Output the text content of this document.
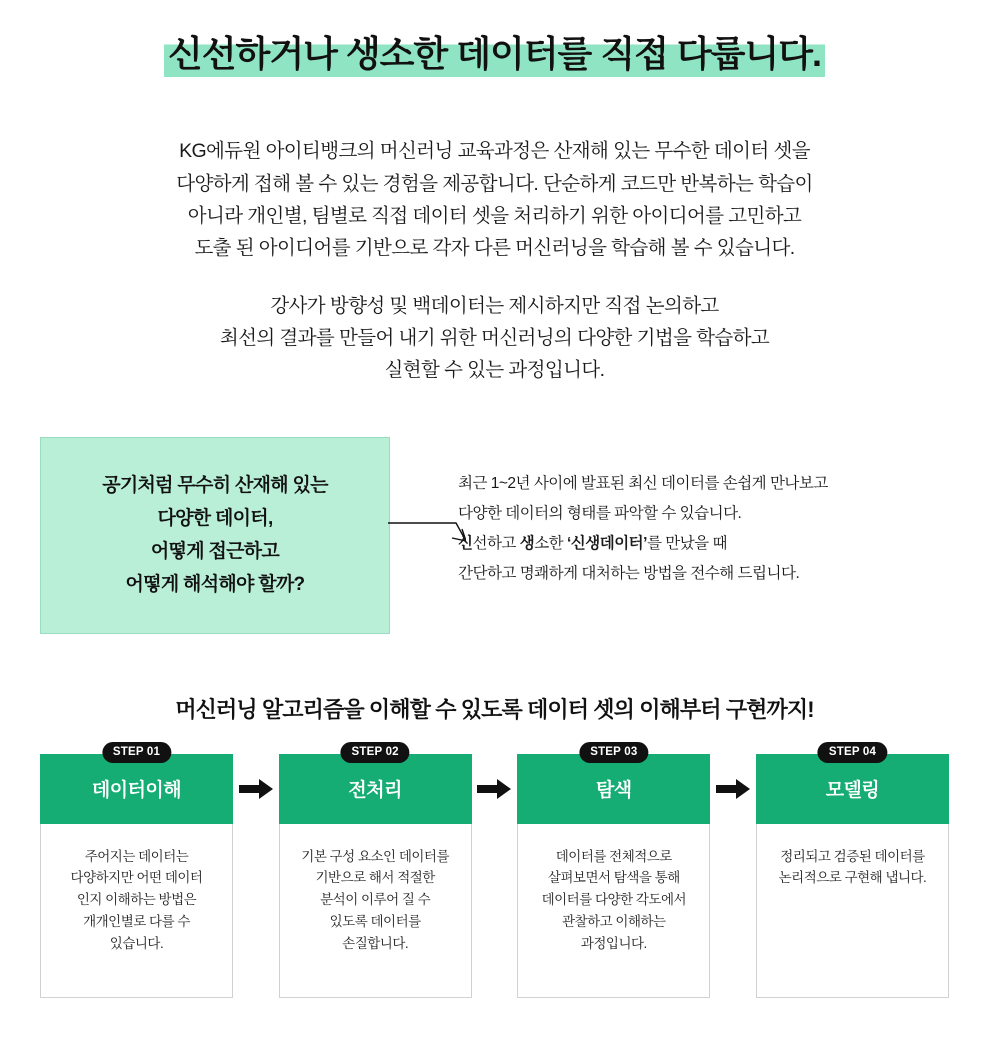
신선하거나 생소한 데이터를 직접 다룹니다.

KG에듀원 아이티뱅크의 머신러닝 교육과정은 산재해 있는 무수한 데이터 셋을
다양하게 접해 볼 수 있는 경험을 제공합니다. 단순하게 코드만 반복하는 학습이
아니라 개인별, 팀별로 직접 데이터 셋을 처리하기 위한 아이디어를 고민하고
도출 된 아이디어를 기반으로 각자 다른 머신러닝을 학습해 볼 수 있습니다.

강사가 방향성 및 백데이터는 제시하지만 직접 논의하고
최선의 결과를 만들어 내기 위한 머신러닝의 다양한 기법을 학습하고
실현할 수 있는 과정입니다.

공기처럼 무수히 산재해 있는
다양한 데이터,
어떻게 접근하고
어떻게 해석해야 할까?
최근 1~2년 사이에 발표된 최신 데이터를 손쉽게 만나보고
다양한 데이터의 형태를 파악할 수 있습니다.
신선하고 생소한 ‘신생데이터’를 만났을 때
간단하고 명쾌하게 대처하는 방법을 전수해 드립니다.
머신러닝 알고리즘을 이해할 수 있도록 데이터 셋의 이해부터 구현까지!
STEP 01
데이터이해
주어지는 데이터는
다양하지만 어떤 데이터
인지 이해하는 방법은
개개인별로 다를 수
있습니다.
STEP 02
전처리
기본 구성 요소인 데이터를
기반으로 해서 적절한
분석이 이루어 질 수
있도록 데이터를
손질합니다.
STEP 03
탐색
데이터를 전체적으로
살펴보면서 탐색을 통해
데이터를 다양한 각도에서
관찰하고 이해하는
과정입니다.
STEP 04
모델링
정리되고 검증된 데이터를
논리적으로 구현해 냅니다.
